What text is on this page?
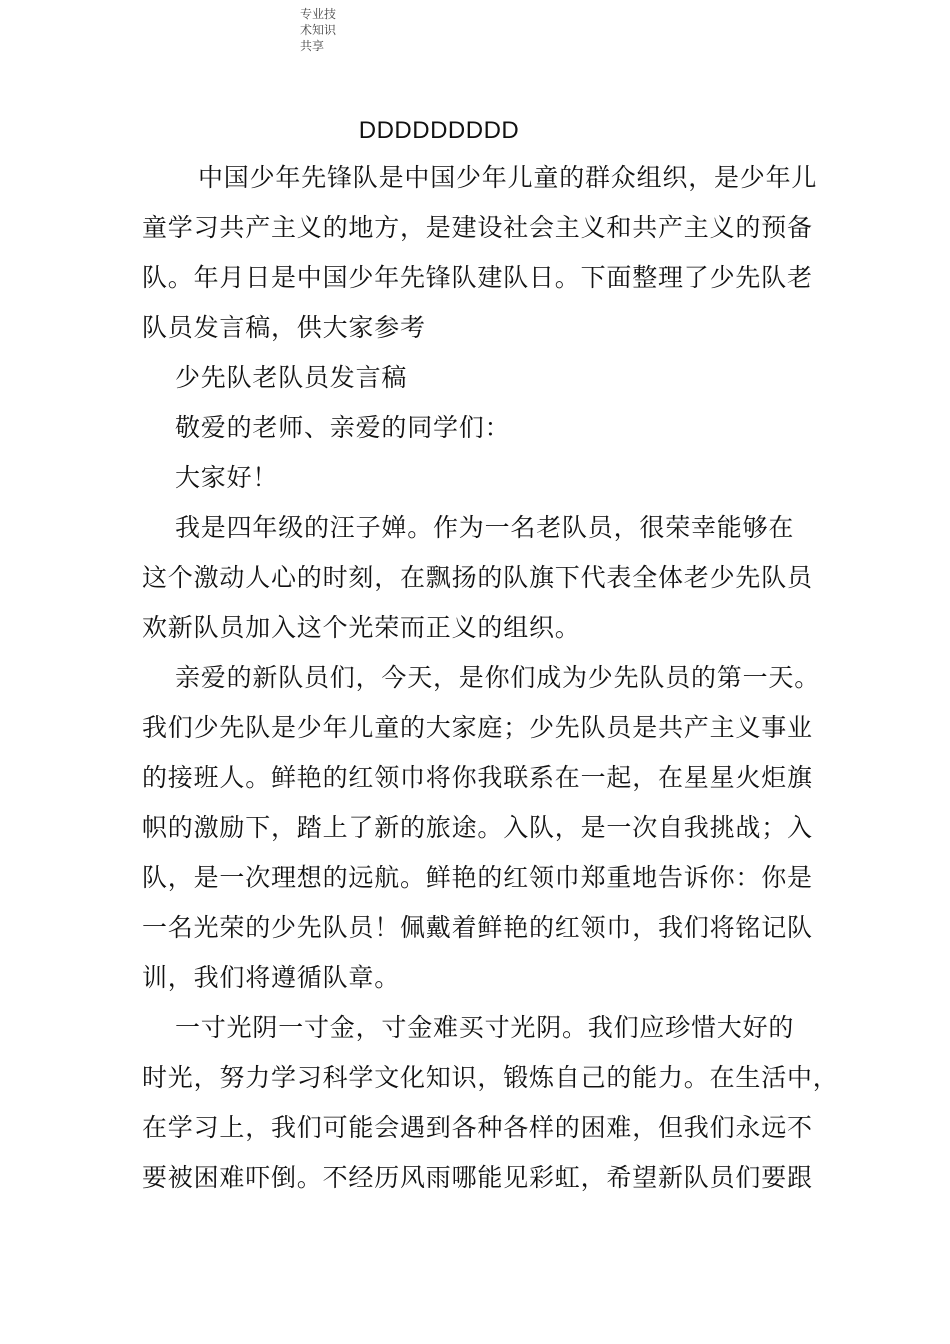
专业技
术知识
共享
DDDDDDDDD
中国少年先锋队是中国少年儿童的群众组织，是少年儿
童学习共产主义的地方，是建设社会主义和共产主义的预备
队。年月日是中国少年先锋队建队日。下面整理了少先队老
队员发言稿，供大家参考
少先队老队员发言稿
敬爱的老师、亲爱的同学们：
大家好！
我是四年级的汪子婵。作为一名老队员，很荣幸能够在
这个激动人心的时刻，在飘扬的队旗下代表全体老少先队员
欢新队员加入这个光荣而正义的组织。
亲爱的新队员们，今天，是你们成为少先队员的第一天。
我们少先队是少年儿童的大家庭；少先队员是共产主义事业
的接班人。鲜艳的红领巾将你我联系在一起，在星星火炬旗
帜的激励下，踏上了新的旅途。入队，是一次自我挑战；入
队，是一次理想的远航。鲜艳的红领巾郑重地告诉你：你是
一名光荣的少先队员！佩戴着鲜艳的红领巾，我们将铭记队
训，我们将遵循队章。
一寸光阴一寸金，寸金难买寸光阴。我们应珍惜大好的
时光，努力学习科学文化知识，锻炼自己的能力。在生活中，
在学习上，我们可能会遇到各种各样的困难，但我们永远不
要被困难吓倒。不经历风雨哪能见彩虹，希望新队员们要跟
